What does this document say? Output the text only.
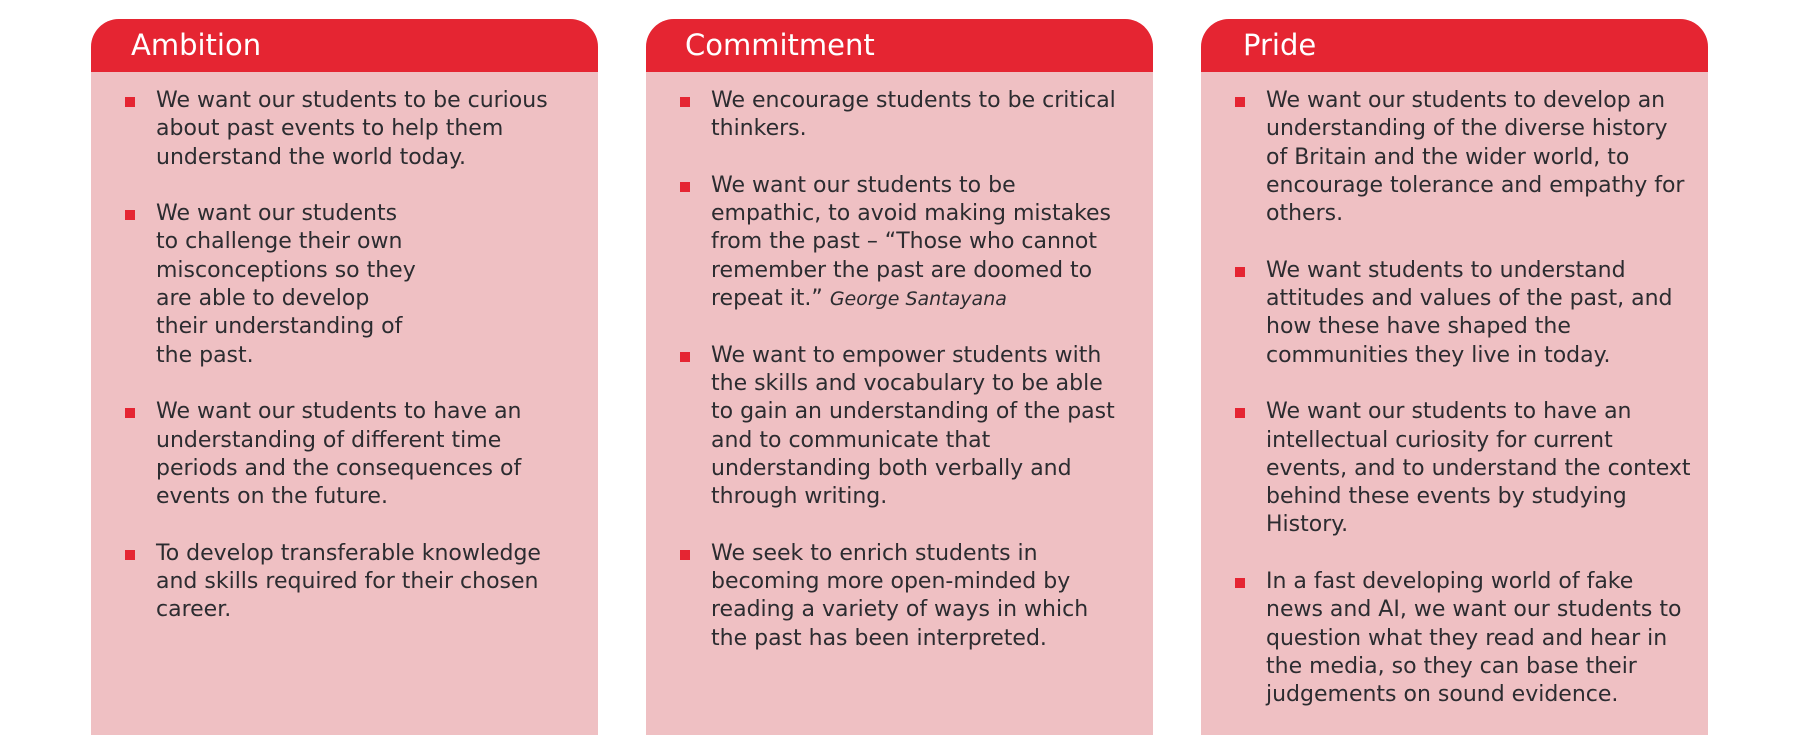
Ambition
We want our students to be curious about past events to help them understand the world today.
We want our students to challenge their own misconceptions so they are able to develop their understanding of the past.
We want our students to have an understanding of different time periods and the consequences of events on the future.
To develop transferable knowledge and skills required for their chosen career.
Commitment
We encourage students to be critical thinkers.
We want our students to be empathic, to avoid making mistakes from the past – “Those who cannot remember the past are doomed to repeat it.” George Santayana
We want to empower students with the skills and vocabulary to be able to gain an understanding of the past and to communicate that understanding both verbally and through writing.
We seek to enrich students in becoming more open-minded by reading a variety of ways in which the past has been interpreted.
Pride
We want our students to develop an understanding of the diverse history of Britain and the wider world, to encourage tolerance and empathy for others.
We want students to understand attitudes and values of the past, and how these have shaped the communities they live in today.
We want our students to have an intellectual curiosity for current events, and to understand the context behind these events by studying History.
In a fast developing world of fake news and AI, we want our students to question what they read and hear in the media, so they can base their judgements on sound evidence.
